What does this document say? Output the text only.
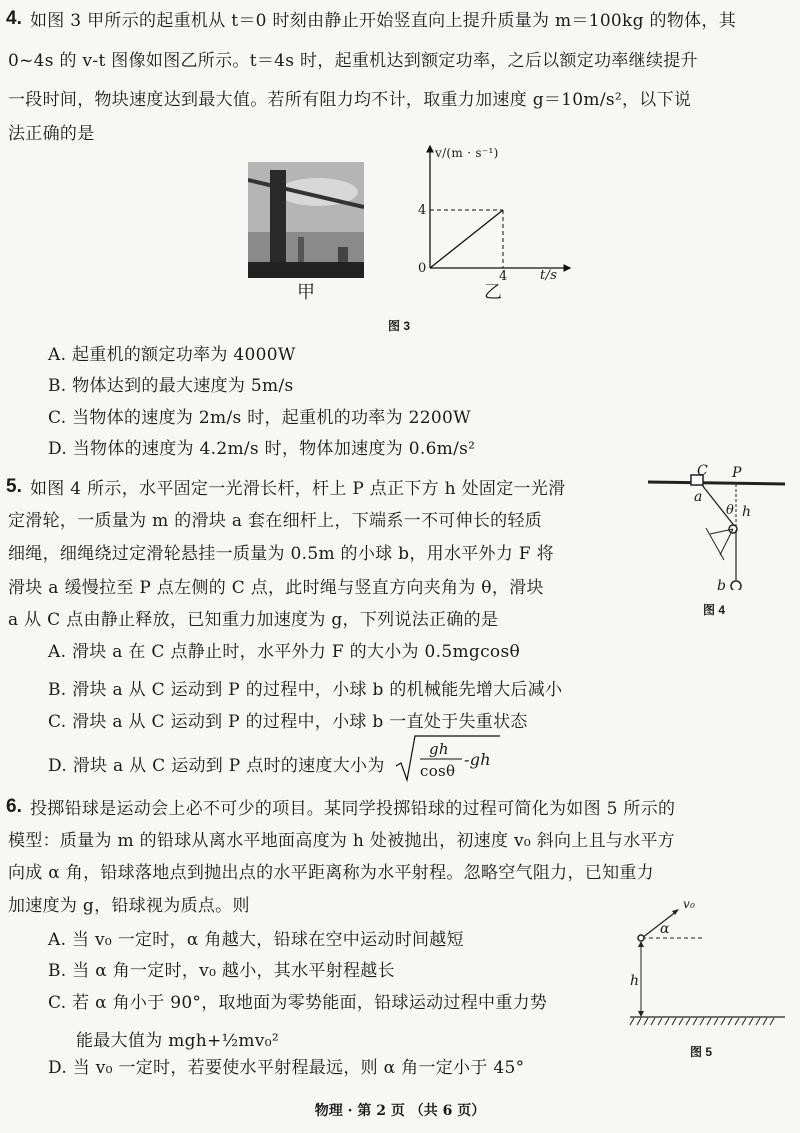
4. 如图 3 甲所示的起重机从 t＝0 时刻由静止开始竖直向上提升质量为 m＝100kg 的物体，其
0~4s 的 v-t 图像如图乙所示。t＝4s 时，起重机达到额定功率，之后以额定功率继续提升
一段时间，物块速度达到最大值。若所有阻力均不计，取重力加速度 g＝10m/s²，以下说
法正确的是
甲
v/(m · s⁻¹)
4
0
4 t/s
乙
图 3
A. 起重机的额定功率为 4000W
B. 物体达到的最大速度为 5m/s
C. 当物体的速度为 2m/s 时，起重机的功率为 2200W
D. 当物体的速度为 4.2m/s 时，物体加速度为 0.6m/s²
5. 如图 4 所示，水平固定一光滑长杆，杆上 P 点正下方 h 处固定一光滑
定滑轮，一质量为 m 的滑块 a 套在细杆上，下端系一不可伸长的轻质
细绳，细绳绕过定滑轮悬挂一质量为 0.5m 的小球 b，用水平外力 F 将
滑块 a 缓慢拉至 P 点左侧的 C 点，此时绳与竖直方向夹角为 θ，滑块
a 从 C 点由静止释放，已知重力加速度为 g，下列说法正确的是
C P
a
θ h
b
图 4
A. 滑块 a 在 C 点静止时，水平外力 F 的大小为 0.5mgcosθ
B. 滑块 a 从 C 运动到 P 的过程中，小球 b 的机械能先增大后减小
C. 滑块 a 从 C 运动到 P 的过程中，小球 b 一直处于失重状态
D. 滑块 a 从 C 运动到 P 点时的速度大小为
gh
cosθ
-gh
6. 投掷铅球是运动会上必不可少的项目。某同学投掷铅球的过程可简化为如图 5 所示的
模型：质量为 m 的铅球从离水平地面高度为 h 处被抛出，初速度 v₀ 斜向上且与水平方
向成 α 角，铅球落地点到抛出点的水平距离称为水平射程。忽略空气阻力，已知重力
加速度为 g，铅球视为质点。则	v₀
α
h
图 5
A. 当 v₀ 一定时，α 角越大，铅球在空中运动时间越短
B. 当 α 角一定时，v₀ 越小，其水平射程越长
C. 若 α 角小于 90°，取地面为零势能面，铅球运动过程中重力势
能最大值为 mgh+½mv₀²
D. 当 v₀ 一定时，若要使水平射程最远，则 α 角一定小于 45°
物理 · 第 2 页 （共 6 页）
